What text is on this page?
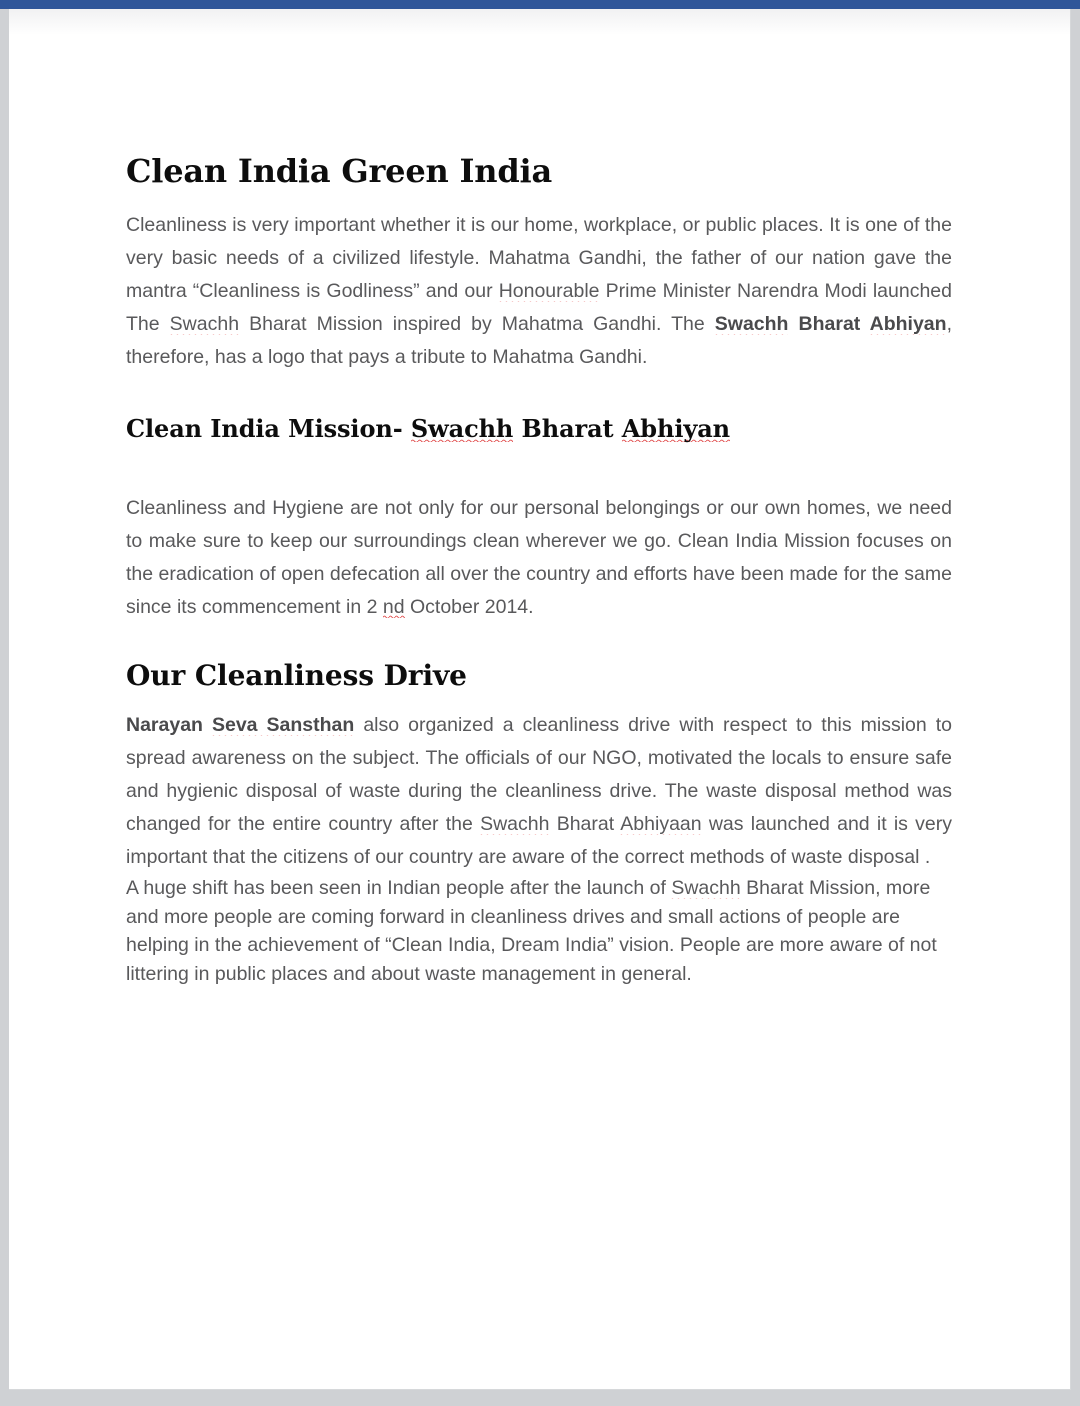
Clean India Green India

Cleanliness is very important whether it is our home, workplace, or public places. It is one of the very basic needs of a civilized lifestyle. Mahatma Gandhi, the father of our nation gave the mantra “Cleanliness is Godliness” and our Honourable Prime Minister Narendra Modi launched The Swachh Bharat Mission inspired by Mahatma Gandhi. The Swachh Bharat Abhiyan, therefore, has a logo that pays a tribute to Mahatma Gandhi.

Clean India Mission- Swachh Bharat Abhiyan

Cleanliness and Hygiene are not only for our personal belongings or our own homes, we need to make sure to keep our surroundings clean wherever we go. Clean India Mission focuses on the eradication of open defecation all over the country and efforts have been made for the same since its commencement in 2 nd October 2014.

Our Cleanliness Drive

Narayan Seva Sansthan also organized a cleanliness drive with respect to this mission to spread awareness on the subject. The officials of our NGO, motivated the locals to ensure safe and hygienic disposal of waste during the cleanliness drive. The waste disposal method was changed for the entire country after the Swachh Bharat Abhiyaan was launched and it is very important that the citizens of our country are aware of the correct methods of waste disposal .

A huge shift has been seen in Indian people after the launch of Swachh Bharat Mission, more and more people are coming forward in cleanliness drives and small actions of people are helping in the achievement of “Clean India, Dream India” vision. People are more aware of not littering in public places and about waste management in general.
